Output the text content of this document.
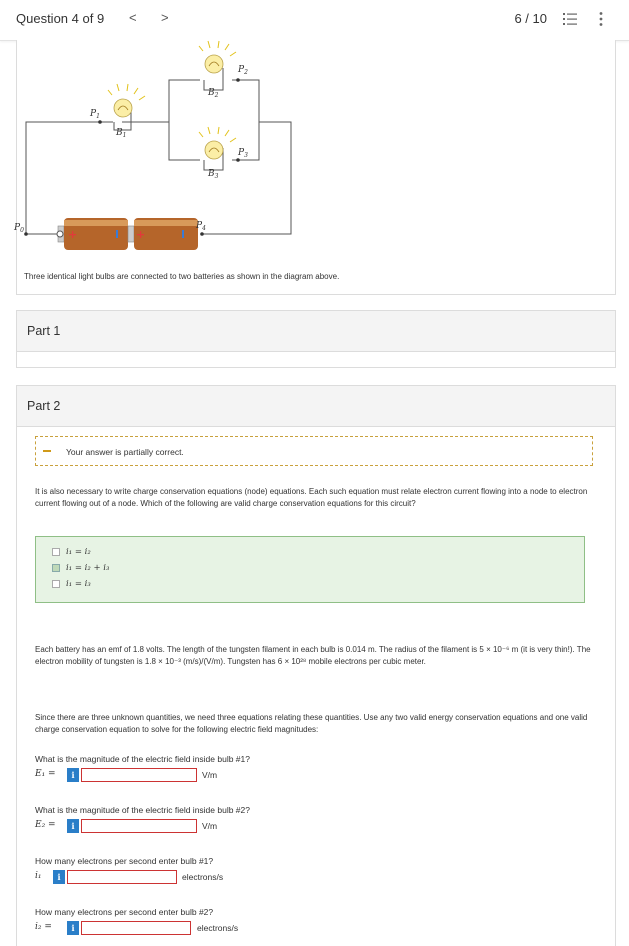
Question 4 of 9 < >	6 / 10
$P_0$
$P_1$
$P_2$
$P_3$
$P_4$
$B_1$
$B_2$
$B_3$
+	+
Three identical light bulbs are connected to two batteries as shown in the diagram above.
Part 1
Part 2
Your answer is partially correct.
It is also necessary to write charge conservation equations (node) equations. Each such equation must relate electron current flowing into a node to electron current flowing out of a node. Which of the following are valid charge conservation equations for this circuit?
i₁ = i₂
i₁ = i₂ + i₃
i₁ = i₃
Each battery has an emf of 1.8 volts. The length of the tungsten filament in each bulb is 0.014 m. The radius of the filament is 5 × 10⁻⁶ m (it is very thin!). The electron mobility of tungsten is 1.8 × 10⁻³ (m/s)/(V/m). Tungsten has 6 × 10²⁸ mobile electrons per cubic meter.
Since there are three unknown quantities, we need three equations relating these quantities. Use any two valid energy conservation equations and one valid charge conservation equation to solve for the following electric field magnitudes:
What is the magnitude of the electric field inside bulb #1?
E₁ =	i	V/m
What is the magnitude of the electric field inside bulb #2?
E₂ =	i	V/m
How many electrons per second enter bulb #1?
i₁	i	electrons/s
How many electrons per second enter bulb #2?
i₂ =	i	electrons/s
